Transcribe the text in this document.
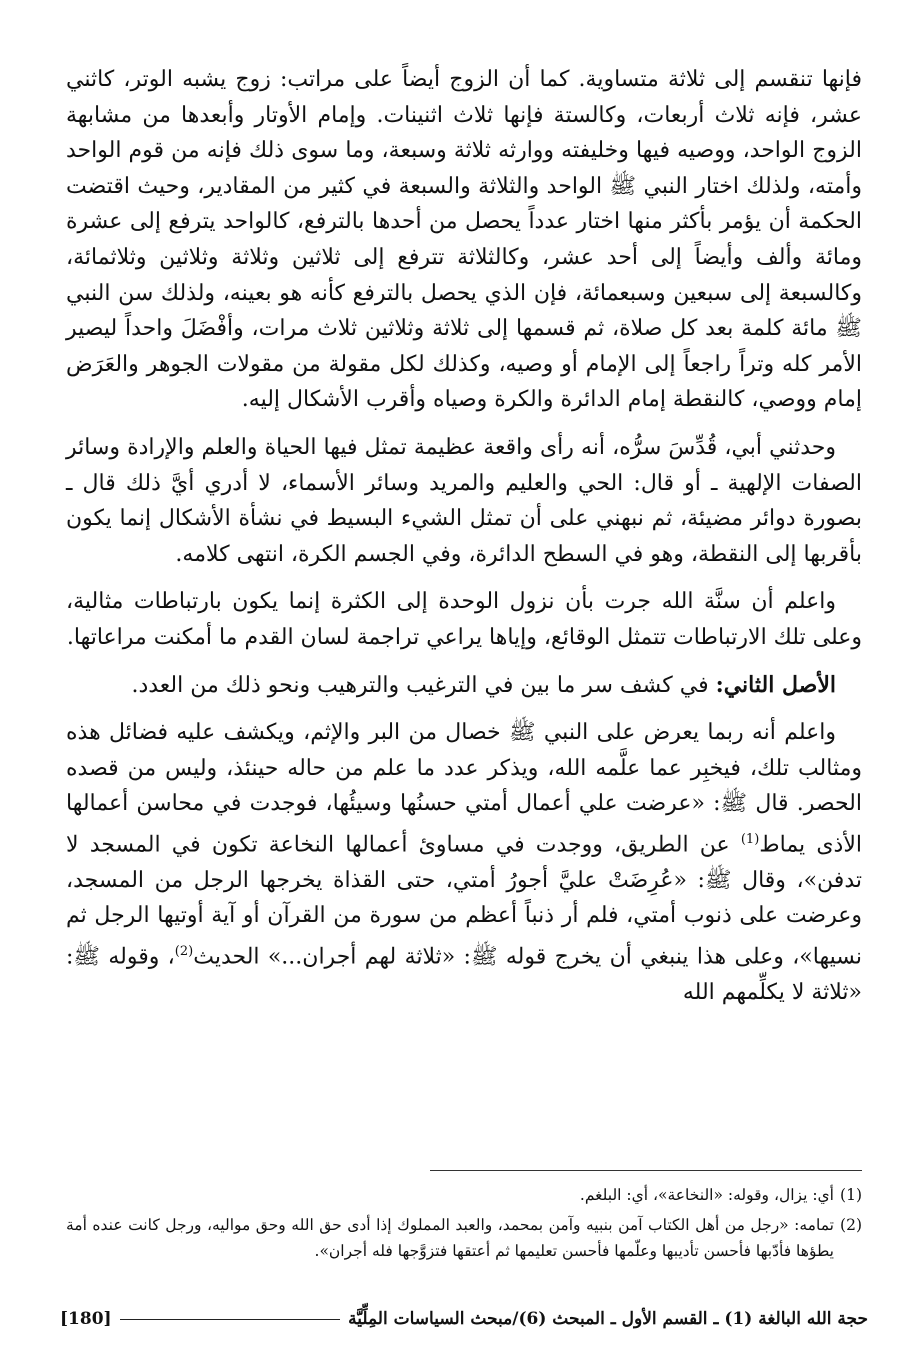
فإنها تنقسم إلى ثلاثة متساوية. كما أن الزوج أيضاً على مراتب: زوج يشبه الوتر، كاثني عشر، فإنه ثلاث أربعات، وكالستة فإنها ثلاث اثنينات. وإمام الأوتار وأبعدها من مشابهة الزوج الواحد، ووصيه فيها وخليفته ووارثه ثلاثة وسبعة، وما سوى ذلك فإنه من قوم الواحد وأمته، ولذلك اختار النبي ﷺ الواحد والثلاثة والسبعة في كثير من المقادير، وحيث اقتضت الحكمة أن يؤمر بأكثر منها اختار عدداً يحصل من أحدها بالترفع، كالواحد يترفع إلى عشرة ومائة وألف وأيضاً إلى أحد عشر، وكالثلاثة تترفع إلى ثلاثين وثلاثة وثلاثين وثلاثمائة، وكالسبعة إلى سبعين وسبعمائة، فإن الذي يحصل بالترفع كأنه هو بعينه، ولذلك سن النبي ﷺ مائة كلمة بعد كل صلاة، ثم قسمها إلى ثلاثة وثلاثين ثلاث مرات، وأفْضَلَ واحداً ليصير الأمر كله وتراً راجعاً إلى الإمام أو وصيه، وكذلك لكل مقولة من مقولات الجوهر والعَرَض إمام ووصي، كالنقطة إمام الدائرة والكرة وصياه وأقرب الأشكال إليه.

وحدثني أبي، قُدِّسَ سرُّه، أنه رأى واقعة عظيمة تمثل فيها الحياة والعلم والإرادة وسائر الصفات الإلهية ـ أو قال: الحي والعليم والمريد وسائر الأسماء، لا أدري أيَّ ذلك قال ـ بصورة دوائر مضيئة، ثم نبهني على أن تمثل الشيء البسيط في نشأة الأشكال إنما يكون بأقربها إلى النقطة، وهو في السطح الدائرة، وفي الجسم الكرة، انتهى كلامه.

واعلم أن سنَّة الله جرت بأن نزول الوحدة إلى الكثرة إنما يكون بارتباطات مثالية، وعلى تلك الارتباطات تتمثل الوقائع، وإياها يراعي تراجمة لسان القدم ما أمكنت مراعاتها.

الأصل الثاني: في كشف سر ما بين في الترغيب والترهيب ونحو ذلك من العدد.

واعلم أنه ربما يعرض على النبي ﷺ خصال من البر والإثم، ويكشف عليه فضائل هذه ومثالب تلك، فيخبِر عما علَّمه الله، ويذكر عدد ما علم من حاله حينئذ، وليس من قصده الحصر. قال ﷺ: «عرضت علي أعمال أمتي حسنُها وسيئُها، فوجدت في محاسن أعمالها الأذى يماط$^{(1)}$ عن الطريق، ووجدت في مساوئ أعمالها النخاعة تكون في المسجد لا تدفن»، وقال ﷺ: «عُرِضَتْ عليَّ أجورُ أمتي، حتى القذاة يخرجها الرجل من المسجد، وعرضت على ذنوب أمتي، فلم أر ذنباً أعظم من سورة من القرآن أو آية أوتيها الرجل ثم نسيها»، وعلى هذا ينبغي أن يخرج قوله ﷺ: «ثلاثة لهم أجران...» الحديث$^{(2)}$، وقوله ﷺ: «ثلاثة لا يكلِّمهم الله

(1)
أي: يزال، وقوله: «النخاعة»، أي: البلغم.
(2)
تمامه: «رجل من أهل الكتاب آمن بنبيه وآمن بمحمد، والعبد المملوك إذا أدى حق الله وحق مواليه، ورجل كانت عنده أمة يطؤها فأدّبها فأحسن تأديبها وعلّمها فأحسن تعليمها ثم أعتقها فتزوَّجها فله أجران».
حجة الله البالغة (1) ـ القسم الأول ـ المبحث (6)/مبحث السياسات المِلِّيَّة
[180]
